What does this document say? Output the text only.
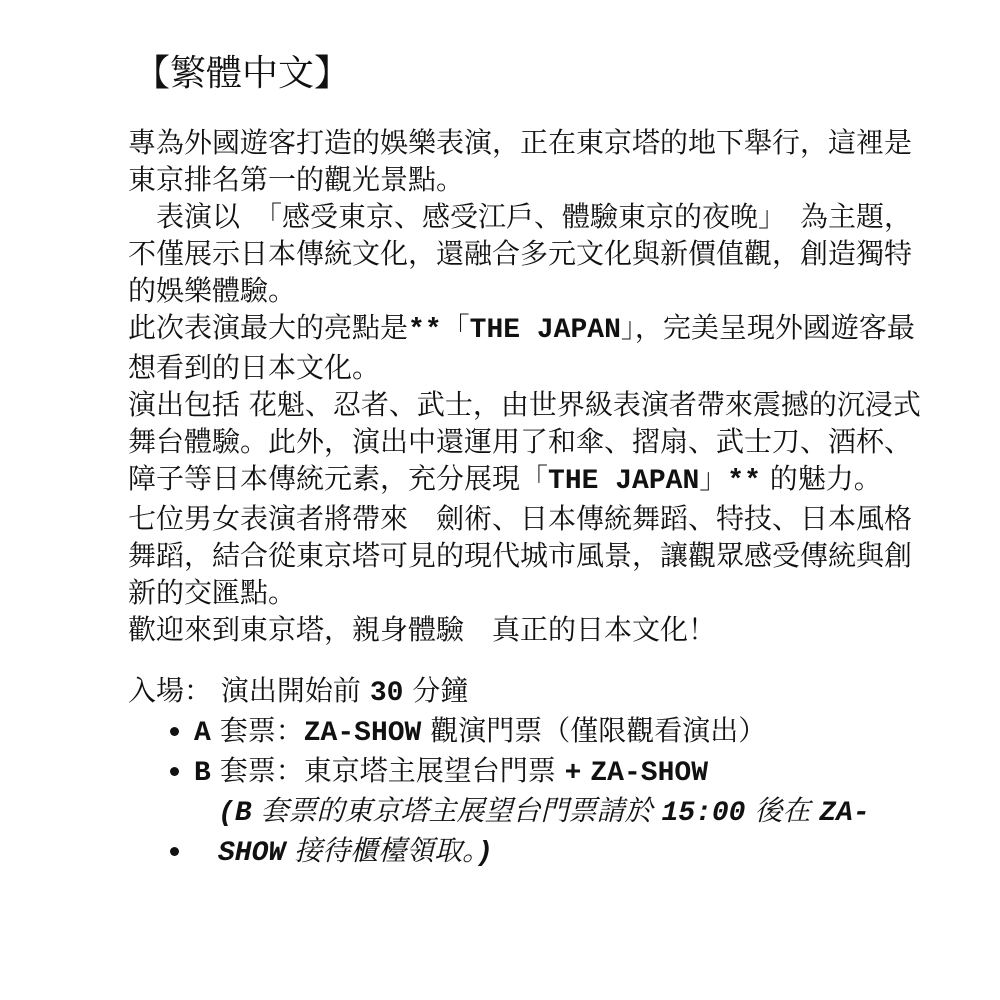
【繁體中文】

專為外國遊客打造的娛樂表演，正在東京塔的地下舉行，這裡是東京排名第一的觀光景點。

　表演以　「感受東京、感受江戶、體驗東京的夜晚」　為主題，不僅展示日本傳統文化，還融合多元文化與新價值觀，創造獨特的娛樂體驗。

此次表演最大的亮點是**「THE JAPAN」，完美呈現外國遊客最想看到的日本文化。

演出包括 花魁、忍者、武士，由世界級表演者帶來震撼的沉浸式舞台體驗。此外，演出中還運用了和傘、摺扇、武士刀、酒杯、障子等日本傳統元素，充分展現「THE JAPAN」** 的魅力。

七位男女表演者將帶來　劍術、日本傳統舞蹈、特技、日本風格舞蹈，結合從東京塔可見的現代城市風景，讓觀眾感受傳統與創新的交匯點。

歡迎來到東京塔，親身體驗　真正的日本文化！

入場： 演出開始前 30 分鐘
• A 套票：ZA-SHOW 觀演門票（僅限觀看演出）
• B 套票：東京塔主展望台門票 + ZA-SHOW
• (B 套票的東京塔主展望台門票請於 15:00 後在 ZA-SHOW 接待櫃檯領取。)
